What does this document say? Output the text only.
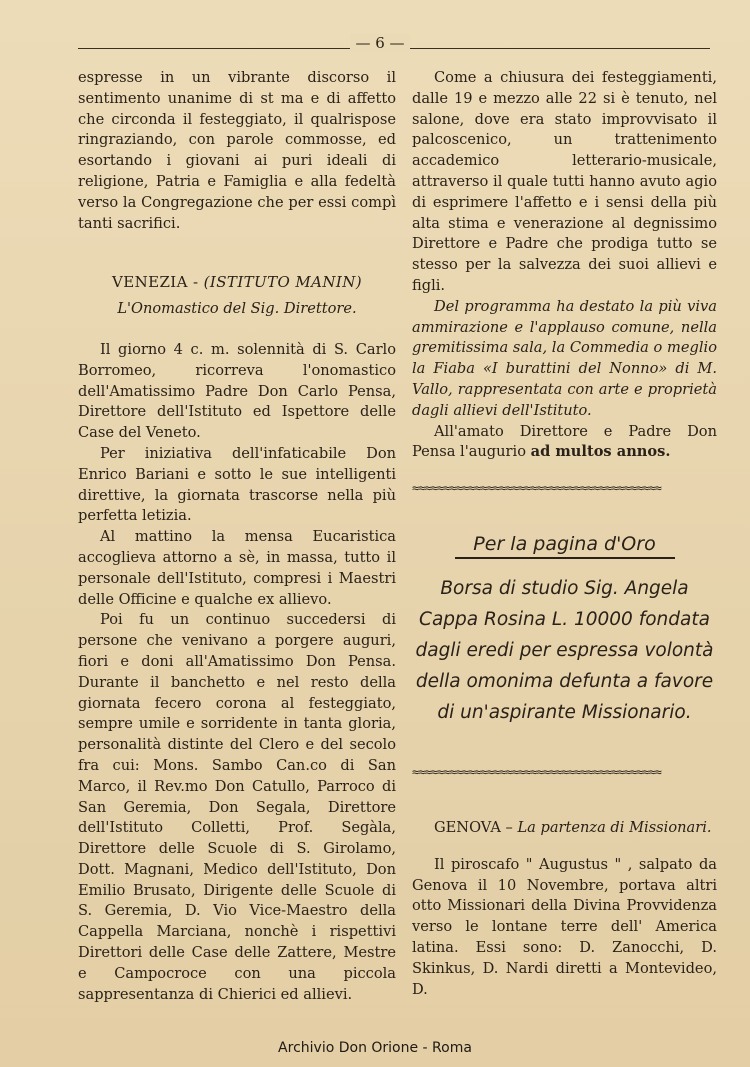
— 6 —

espresse in un vibrante discorso il sentimento unanime di st ma e di affetto che circonda il festeggiato, il qualrispose ringraziando, con parole commosse, ed esortando i giovani ai puri ideali di religione, Patria e Famiglia e alla fedeltà verso la Congregazione che per essi compì tanti sacrifici.

VENEZIA - (ISTITUTO MANIN)

L'Onomastico del Sig. Direttore.

Il giorno 4 c. m. solennità di S. Carlo Borromeo, ricorreva l'onomastico dell'Amatissimo Padre Don Carlo Pensa, Direttore dell'Istituto ed Ispettore delle Case del Veneto.

Per iniziativa dell'infaticabile Don Enrico Bariani e sotto le sue intelligenti direttive, la giornata trascorse nella più perfetta letizia.

Al mattino la mensa Eucaristica accoglieva attorno a sè, in massa, tutto il personale dell'Istituto, compresi i Maestri delle Officine e qualche ex allievo.

Poi fu un continuo succedersi di persone che venivano a porgere auguri, fiori e doni all'Amatissimo Don Pensa. Durante il banchetto e nel resto della giornata fecero corona al festeggiato, sempre umile e sorridente in tanta gloria, personalità distinte del Clero e del secolo fra cui: Mons. Sambo Can.co di San Marco, il Rev.mo Don Catullo, Parroco di San Geremia, Don Segala, Direttore dell'Istituto Colletti, Prof. Segàla, Direttore delle Scuole di S. Girolamo, Dott. Magnani, Medico dell'Istituto, Don Emilio Brusato, Dirigente delle Scuole di S. Geremia, D. Vio Vice-Maestro della Cappella Marciana, nonchè i rispettivi Direttori delle Case delle Zattere, Mestre e Campocroce con una piccola sappresentanza di Chierici ed allievi.

Come a chiusura dei festeggiamenti, dalle 19 e mezzo alle 22 si è tenuto, nel salone, dove era stato improvvisato il palcoscenico, un trattenimento accademico letterario-musicale, attraverso il quale tutti hanno avuto agio di esprimere l'affetto e i sensi della più alta stima e venerazione al degnissimo Direttore e Padre che prodiga tutto se stesso per la salvezza dei suoi allievi e figli.

Del programma ha destato la più viva ammirazione e l'applauso comune, nella gremitissima sala, la Commedia o meglio la Fiaba «I burattini del Nonno» di M. Vallo, rappresentata con arte e proprietà dagli allievi dell'Istituto.

All'amato Direttore e Padre Don Pensa l'augurio ad multos annos.

≈≈≈≈≈≈≈≈≈≈≈≈≈≈≈≈≈≈≈≈≈≈≈≈≈≈≈≈≈≈≈≈≈≈≈≈≈≈≈≈

Per la pagina d'Oro

Borsa di studio Sig. Angela Cappa Rosina L. 10000 fondata dagli eredi per espressa volontà della omonima defunta a favore di un'aspirante Missionario.

≈≈≈≈≈≈≈≈≈≈≈≈≈≈≈≈≈≈≈≈≈≈≈≈≈≈≈≈≈≈≈≈≈≈≈≈≈≈≈≈

GENOVA – La partenza di Missionari.

Il piroscafo " Augustus " , salpato da Genova il 10 Novembre, portava altri otto Missionari della Divina Provvidenza verso le lontane terre dell' America latina. Essi sono: D. Zanocchi, D. Skinkus, D. Nardi diretti a Montevideo, D.

Archivio Don Orione - Roma
